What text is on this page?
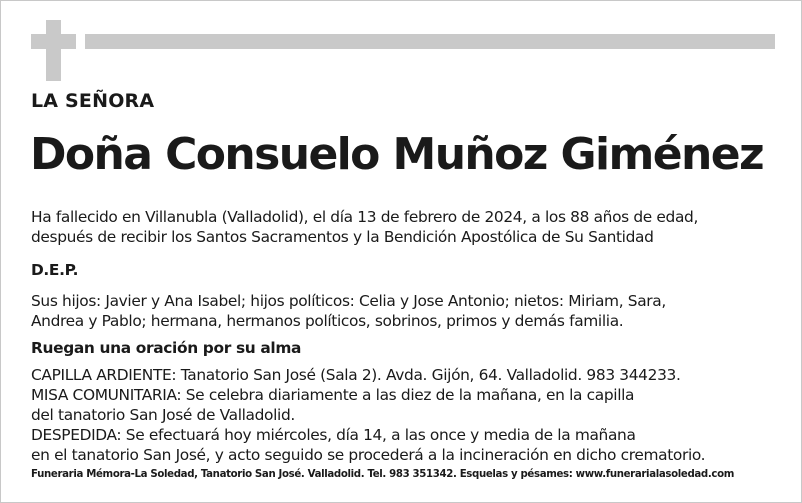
LA SEÑORA
Doña Consuelo Muñoz Giménez
Ha fallecido en Villanubla (Valladolid), el día 13 de febrero de 2024, a los 88 años de edad,
después de recibir los Santos Sacramentos y la Bendición Apostólica de Su Santidad
D.E.P.
Sus hijos: Javier y Ana Isabel; hijos políticos: Celia y Jose Antonio; nietos: Miriam, Sara,
Andrea y Pablo; hermana, hermanos políticos, sobrinos, primos y demás familia.
Ruegan una oración por su alma
CAPILLA ARDIENTE: Tanatorio San José (Sala 2). Avda. Gijón, 64. Valladolid. 983 344233.
MISA COMUNITARIA: Se celebra diariamente a las diez de la mañana, en la capilla
del tanatorio San José de Valladolid.
DESPEDIDA: Se efectuará hoy miércoles, día 14, a las once y media de la mañana
en el tanatorio San José, y acto seguido se procederá a la incineración en dicho crematorio.
Funeraria Mémora-La Soledad, Tanatorio San José. Valladolid. Tel. 983 351342. Esquelas y pésames: www.funerarialasoledad.com
